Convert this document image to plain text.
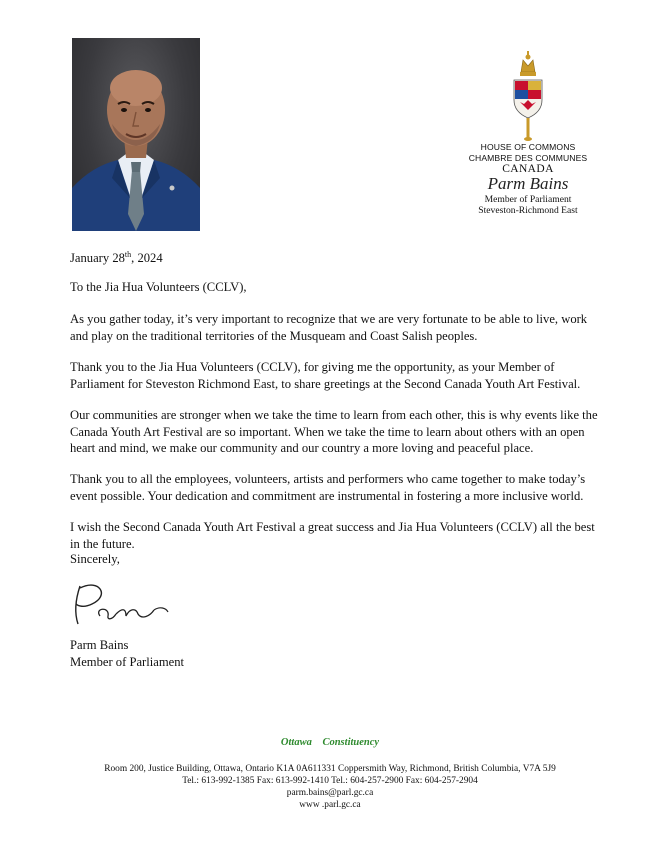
HOUSE OF COMMONS
CHAMBRE DES COMMUNES
CANADA
Parm Bains
Member of Parliament
Steveston-Richmond East

January 28th, 2024

To the Jia Hua Volunteers (CCLV),

As you gather today, it’s very important to recognize that we are very fortunate to be able to live, work and play on the traditional territories of the Musqueam and Coast Salish peoples.

Thank you to the Jia Hua Volunteers (CCLV), for giving me the opportunity, as your Member of Parliament for Steveston Richmond East, to share greetings at the Second Canada Youth Art Festival.

Our communities are stronger when we take the time to learn from each other, this is why events like the Canada Youth Art Festival are so important. When we take the time to learn about others with an open heart and mind, we make our community and our country a more loving and peaceful place.

Thank you to all the employees, volunteers, artists and performers who came together to make today’s event possible. Your dedication and commitment are instrumental in fostering a more inclusive world.

I wish the Second Canada Youth Art Festival a great success and Jia Hua Volunteers (CCLV) all the best in the future.

Sincerely,

Parm Bains

Member of Parliament

Ottawa Constituency
Room 200, Justice Building, Ottawa, Ontario K1A 0A611331 Coppersmith Way, Richmond, British Columbia, V7A 5J9
Tel.: 613-992-1385 Fax: 613-992-1410 Tel.: 604-257-2900 Fax: 604-257-2904
parm.bains@parl.gc.ca
www .parl.gc.ca
